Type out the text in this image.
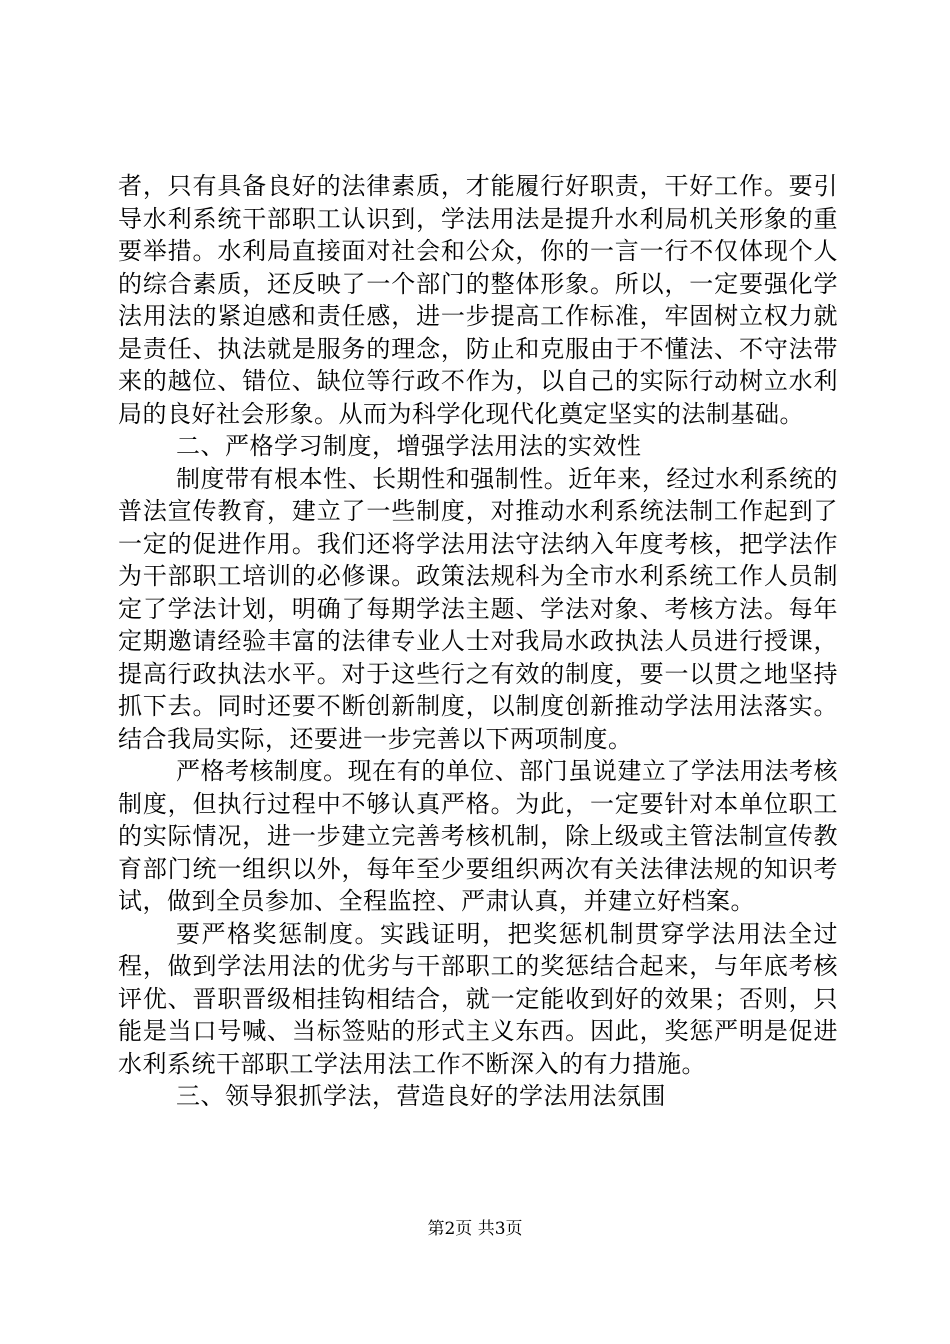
者，只有具备良好的法律素质，才能履行好职责，干好工作。要引导水利系统干部职工认识到，学法用法是提升水利局机关形象的重要举措。水利局直接面对社会和公众，你的一言一行不仅体现个人的综合素质，还反映了一个部门的整体形象。所以，一定要强化学法用法的紧迫感和责任感，进一步提高工作标准，牢固树立权力就是责任、执法就是服务的理念，防止和克服由于不懂法、不守法带来的越位、错位、缺位等行政不作为，以自己的实际行动树立水利局的良好社会形象。从而为科学化现代化奠定坚实的法制基础。

二、严格学习制度，增强学法用法的实效性

制度带有根本性、长期性和强制性。近年来，经过水利系统的普法宣传教育，建立了一些制度，对推动水利系统法制工作起到了一定的促进作用。我们还将学法用法守法纳入年度考核，把学法作为干部职工培训的必修课。政策法规科为全市水利系统工作人员制定了学法计划，明确了每期学法主题、学法对象、考核方法。每年定期邀请经验丰富的法律专业人士对我局水政执法人员进行授课，提高行政执法水平。对于这些行之有效的制度，要一以贯之地坚持抓下去。同时还要不断创新制度，以制度创新推动学法用法落实。结合我局实际，还要进一步完善以下两项制度。

严格考核制度。现在有的单位、部门虽说建立了学法用法考核制度，但执行过程中不够认真严格。为此，一定要针对本单位职工的实际情况，进一步建立完善考核机制，除上级或主管法制宣传教育部门统一组织以外，每年至少要组织两次有关法律法规的知识考试，做到全员参加、全程监控、严肃认真，并建立好档案。

要严格奖惩制度。实践证明，把奖惩机制贯穿学法用法全过程，做到学法用法的优劣与干部职工的奖惩结合起来，与年底考核评优、晋职晋级相挂钩相结合，就一定能收到好的效果；否则，只能是当口号喊、当标签贴的形式主义东西。因此，奖惩严明是促进水利系统干部职工学法用法工作不断深入的有力措施。

三、领导狠抓学法，营造良好的学法用法氛围

第2页 共3页
